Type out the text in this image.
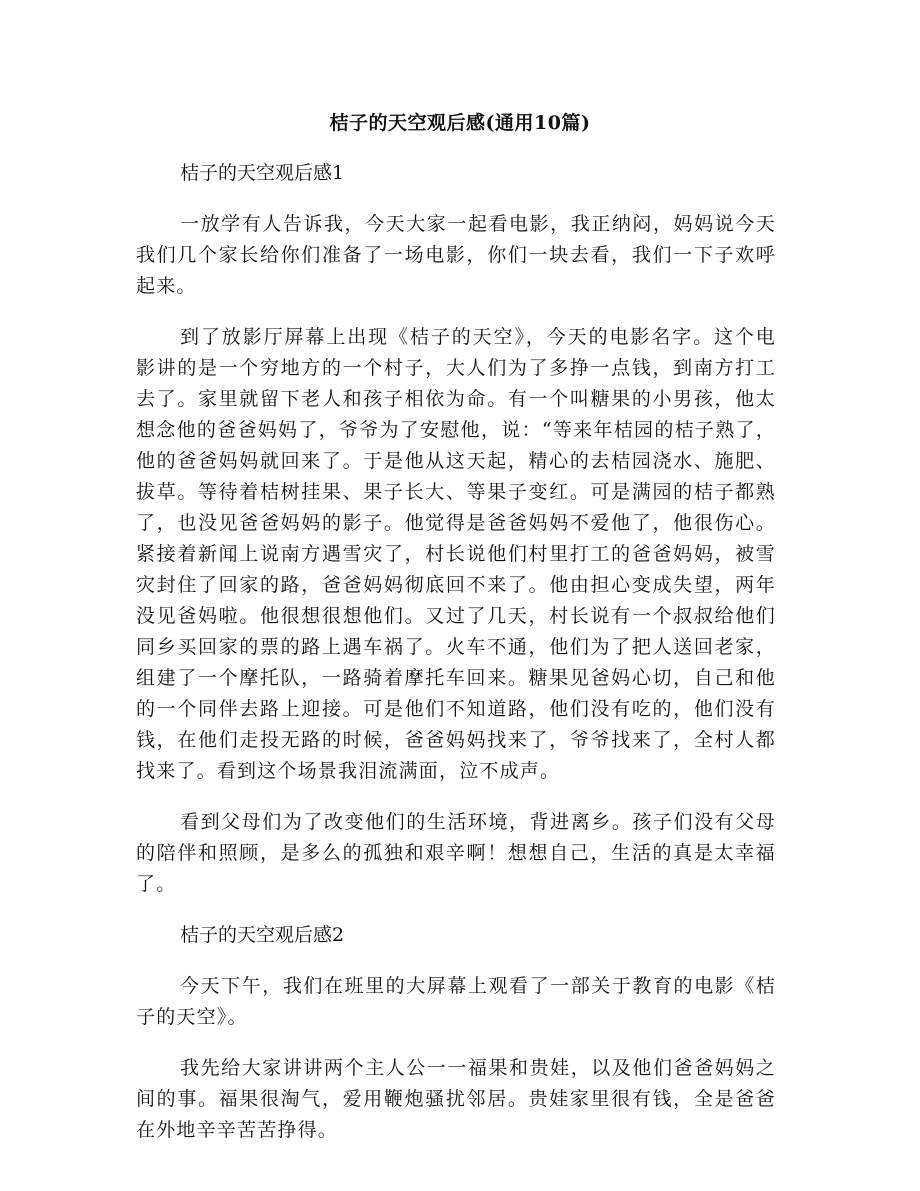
桔子的天空观后感(通用10篇)
桔子的天空观后感1

一放学有人告诉我，今天大家一起看电影，我正纳闷，妈妈说今天我们几个家长给你们准备了一场电影，你们一块去看，我们一下子欢呼起来。

到了放影厅屏幕上出现《桔子的天空》，今天的电影名字。这个电影讲的是一个穷地方的一个村子，大人们为了多挣一点钱，到南方打工去了。家里就留下老人和孩子相依为命。有一个叫糖果的小男孩，他太想念他的爸爸妈妈了，爷爷为了安慰他，说：“等来年桔园的桔子熟了，他的爸爸妈妈就回来了。于是他从这天起，精心的去桔园浇水、施肥、拔草。等待着桔树挂果、果子长大、等果子变红。可是满园的桔子都熟了，也没见爸爸妈妈的影子。他觉得是爸爸妈妈不爱他了，他很伤心。紧接着新闻上说南方遇雪灾了，村长说他们村里打工的爸爸妈妈，被雪灾封住了回家的路，爸爸妈妈彻底回不来了。他由担心变成失望，两年没见爸妈啦。他很想很想他们。又过了几天，村长说有一个叔叔给他们同乡买回家的票的路上遇车祸了。火车不通，他们为了把人送回老家，组建了一个摩托队，一路骑着摩托车回来。糖果见爸妈心切，自己和他的一个同伴去路上迎接。可是他们不知道路，他们没有吃的，他们没有钱，在他们走投无路的时候，爸爸妈妈找来了，爷爷找来了，全村人都找来了。看到这个场景我泪流满面，泣不成声。

看到父母们为了改变他们的生活环境，背进离乡。孩子们没有父母的陪伴和照顾，是多么的孤独和艰辛啊！想想自己，生活的真是太幸福了。

桔子的天空观后感2

今天下午，我们在班里的大屏幕上观看了一部关于教育的电影《桔子的天空》。

我先给大家讲讲两个主人公一一福果和贵娃，以及他们爸爸妈妈之间的事。福果很淘气，爱用鞭炮骚扰邻居。贵娃家里很有钱，全是爸爸在外地辛辛苦苦挣得。
